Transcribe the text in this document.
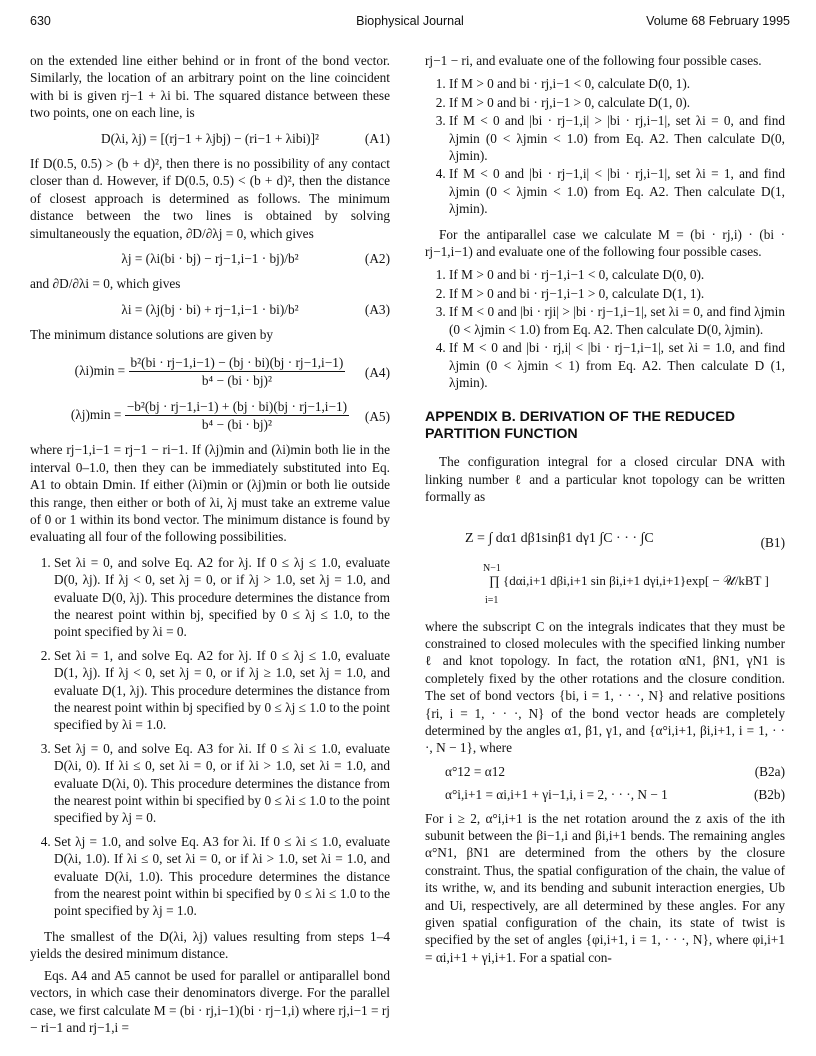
630	Biophysical Journal	Volume 68 February 1995

on the extended line either behind or in front of the bond vector. Similarly, the location of an arbitrary point on the line coincident with bi is given rj−1 + λi bi. The squared distance between these two points, one on each line, is

D(λi, λj) = [(rj−1 + λjbj) − (ri−1 + λibi)]²	(A1)

If D(0.5, 0.5) > (b + d)², then there is no possibility of any contact closer than d. However, if D(0.5, 0.5) < (b + d)², then the distance of closest approach is determined as follows. The minimum distance between the two lines is obtained by solving simultaneously the equation, ∂D/∂λj = 0, which gives

λj = (λi(bi · bj) − rj−1,i−1 · bj)/b²	(A2)

and ∂D/∂λi = 0, which gives

λi = (λj(bj · bi) + rj−1,i−1 · bi)/b²	(A3)

The minimum distance solutions are given by

$(\lambda i)\min = \frac{\text{b²(bi · rj−1,i−1) − (bj · bi)(bj · rj−1,i−1)}}{\text{b⁴ − (bi · bj)²}} (A4)$
$(\lambda j)\min = \frac{\text{−b²(bj · rj−1,i−1) + (bj · bi)(bj · rj−1,i−1)}}{\text{b⁴ − (bi · bj)²}} (A5)$

where rj−1,i−1 = rj−1 − ri−1. If (λj)min and (λi)min both lie in the interval 0–1.0, then they can be immediately substituted into Eq. A1 to obtain Dmin. If either (λi)min or (λj)min or both lie outside this range, then either or both of λi, λj must take an extreme value of 0 or 1 within its bond vector. The minimum distance is found by evaluating all four of the following possibilities.

1. Set λi = 0, and solve Eq. A2 for λj. If 0 ≤ λj ≤ 1.0, evaluate D(0, λj). If λj < 0, set λj = 0, or if λj > 1.0, set λj = 1.0, and evaluate D(0, λj). This procedure determines the distance from the nearest point within bj, specified by 0 ≤ λj ≤ 1.0, to the point specified by λi = 0.
2. Set λi = 1, and solve Eq. A2 for λj. If 0 ≤ λj ≤ 1.0, evaluate D(1, λj). If λj < 0, set λj = 0, or if λj ≥ 1.0, set λj = 1.0, and evaluate D(1, λj). This procedure determines the distance from the nearest point within bj specified by 0 ≤ λj ≤ 1.0 to the point specified by λi = 1.0.
3. Set λj = 0, and solve Eq. A3 for λi. If 0 ≤ λi ≤ 1.0, evaluate D(λi, 0). If λi ≤ 0, set λi = 0, or if λi > 1.0, set λi = 1.0, and evaluate D(λi, 0). This procedure determines the distance from the nearest point within bi specified by 0 ≤ λi ≤ 1.0 to the point specified by λj = 0.
4. Set λj = 1.0, and solve Eq. A3 for λi. If 0 ≤ λi ≤ 1.0, evaluate D(λi, 1.0). If λi ≤ 0, set λi = 0, or if λi > 1.0, set λi = 1.0, and evaluate D(λi, 1.0). This procedure determines the distance from the nearest point within bi specified by 0 ≤ λi ≤ 1.0 to the point specified by λj = 1.0.

The smallest of the D(λi, λj) values resulting from steps 1–4 yields the desired minimum distance.

Eqs. A4 and A5 cannot be used for parallel or antiparallel bond vectors, in which case their denominators diverge. For the parallel case, we first calculate M = (bi · rj,i−1)(bi · rj−1,i) where rj,i−1 = rj − ri−1 and rj−1,i =

rj−1 − ri, and evaluate one of the following four possible cases.

1. If M > 0 and bi · rj,i−1 < 0, calculate D(0, 1).
2. If M > 0 and bi · rj,i−1 > 0, calculate D(1, 0).
3. If M < 0 and |bi · rj−1,i| > |bi · rj,i−1|, set λi = 0, and find λjmin (0 < λjmin < 1.0) from Eq. A2. Then calculate D(0, λjmin).
4. If M < 0 and |bi · rj−1,i| < |bi · rj,i−1|, set λi = 1, and find λjmin (0 < λjmin < 1.0) from Eq. A2. Then calculate D(1, λjmin).

For the antiparallel case we calculate M = (bi · rj,i) · (bi · rj−1,i−1) and evaluate one of the following four possible cases.

1. If M > 0 and bi · rj−1,i−1 < 0, calculate D(0, 0).
2. If M > 0 and bi · rj−1,i−1 > 0, calculate D(1, 1).
3. If M < 0 and |bi · rji| > |bi · rj−1,i−1|, set λi = 0, and find λjmin (0 < λjmin < 1.0) from Eq. A2. Then calculate D(0, λjmin).
4. If M < 0 and |bi · rj,i| < |bi · rj−1,i−1|, set λi = 1.0, and find λjmin (0 < λjmin < 1) from Eq. A2. Then calculate D (1, λjmin).
APPENDIX B. DERIVATION OF THE REDUCED PARTITION FUNCTION

The configuration integral for a closed circular DNA with linking number ℓ and a particular knot topology can be written formally as

Z = ∫ dα1 dβ1sinβ1 dγ1 ∫C · · · ∫C	(B1)
∏ {dαi,i+1 dβi,i+1 sin βi,i+1 dγi,i+1}exp[ − 𝒰/kBT ]
N−1
i=1

where the subscript C on the integrals indicates that they must be constrained to closed molecules with the specified linking number ℓ and knot topology. In fact, the rotation αN1, βN1, γN1 is completely fixed by the other rotations and the closure condition. The set of bond vectors {bi, i = 1, · · ·, N} and relative positions {ri, i = 1, · · ·, N} of the bond vector heads are completely determined by the angles α1, β1, γ1, and {α°i,i+1, βi,i+1, i = 1, · · ·, N − 1}, where

α°12 = α12	(B2a)
α°i,i+1 = αi,i+1 + γi−1,i, i = 2, · · ·, N − 1	(B2b)

For i ≥ 2, α°i,i+1 is the net rotation around the z axis of the ith subunit between the βi−1,i and βi,i+1 bends. The remaining angles α°N1, βN1 are determined from the others by the closure constraint. Thus, the spatial configuration of the chain, the value of its writhe, w, and its bending and subunit interaction energies, Ub and Ui, respectively, are all determined by these angles. For any given spatial configuration of the chain, its state of twist is specified by the set of angles {φi,i+1, i = 1, · · ·, N}, where φi,i+1 = αi,i+1 + γi,i+1. For a spatial con-
